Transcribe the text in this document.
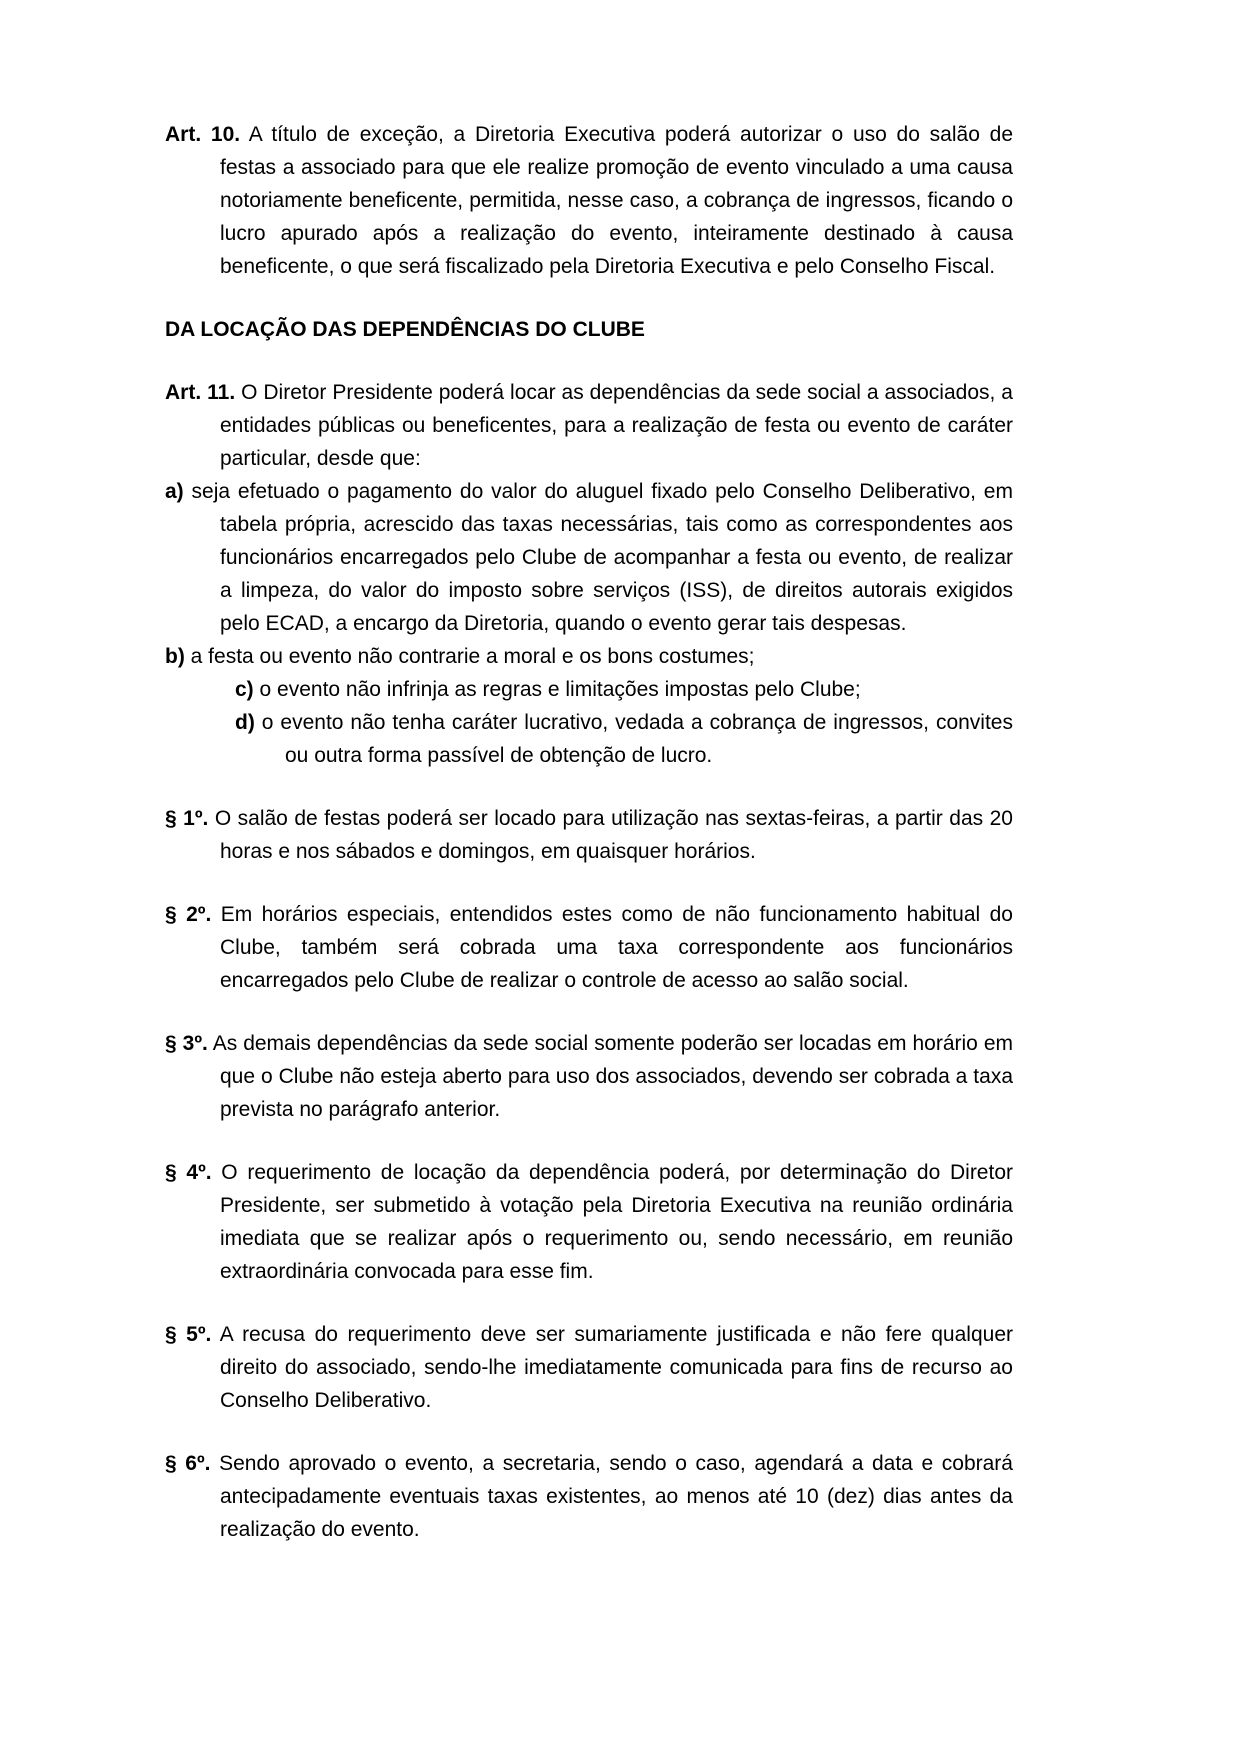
Art. 10. A título de exceção, a Diretoria Executiva poderá autorizar o uso do salão de festas a associado para que ele realize promoção de evento vinculado a uma causa notoriamente beneficente, permitida, nesse caso, a cobrança de ingressos, ficando o lucro apurado após a realização do evento, inteiramente destinado à causa beneficente, o que será fiscalizado pela Diretoria Executiva e pelo Conselho Fiscal.

DA LOCAÇÃO DAS DEPENDÊNCIAS DO CLUBE

Art. 11. O Diretor Presidente poderá locar as dependências da sede social a associados, a entidades públicas ou beneficentes, para a realização de festa ou evento de caráter particular, desde que:

a) seja efetuado o pagamento do valor do aluguel fixado pelo Conselho Deliberativo, em tabela própria, acrescido das taxas necessárias, tais como as correspondentes aos funcionários encarregados pelo Clube de acompanhar a festa ou evento, de realizar a limpeza, do valor do imposto sobre serviços (ISS), de direitos autorais exigidos pelo ECAD, a encargo da Diretoria, quando o evento gerar tais despesas.

b) a festa ou evento não contrarie a moral e os bons costumes;

c) o evento não infrinja as regras e limitações impostas pelo Clube;

d) o evento não tenha caráter lucrativo, vedada a cobrança de ingressos, convites ou outra forma passível de obtenção de lucro.

§ 1º. O salão de festas poderá ser locado para utilização nas sextas-feiras, a partir das 20 horas e nos sábados e domingos, em quaisquer horários.

§ 2º. Em horários especiais, entendidos estes como de não funcionamento habitual do Clube, também será cobrada uma taxa correspondente aos funcionários encarregados pelo Clube de realizar o controle de acesso ao salão social.

§ 3º. As demais dependências da sede social somente poderão ser locadas em horário em que o Clube não esteja aberto para uso dos associados, devendo ser cobrada a taxa prevista no parágrafo anterior.

§ 4º. O requerimento de locação da dependência poderá, por determinação do Diretor Presidente, ser submetido à votação pela Diretoria Executiva na reunião ordinária imediata que se realizar após o requerimento ou, sendo necessário, em reunião extraordinária convocada para esse fim.

§ 5º. A recusa do requerimento deve ser sumariamente justificada e não fere qualquer direito do associado, sendo-lhe imediatamente comunicada para fins de recurso ao Conselho Deliberativo.

§ 6º. Sendo aprovado o evento, a secretaria, sendo o caso, agendará a data e cobrará antecipadamente eventuais taxas existentes, ao menos até 10 (dez) dias antes da realização do evento.
